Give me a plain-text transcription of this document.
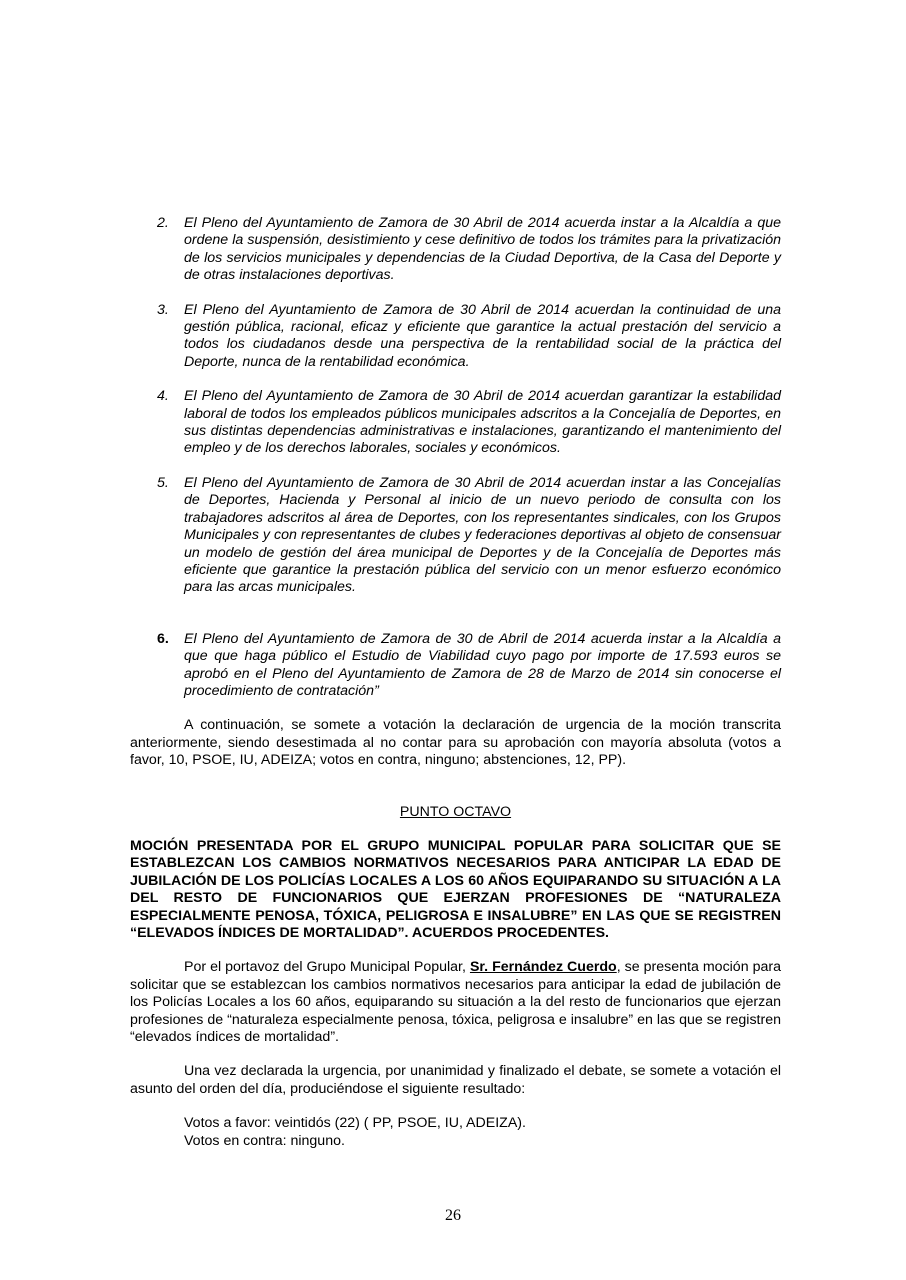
2. El Pleno del Ayuntamiento de Zamora de 30 Abril de 2014 acuerda instar a la Alcaldía a que ordene la suspensión, desistimiento y cese definitivo de todos los trámites para la privatización de los servicios municipales y dependencias de la Ciudad Deportiva, de la Casa del Deporte y de otras instalaciones deportivas.
3. El Pleno del Ayuntamiento de Zamora de 30 Abril de 2014 acuerdan la continuidad de una gestión pública, racional, eficaz y eficiente que garantice la actual prestación del servicio a todos los ciudadanos desde una perspectiva de la rentabilidad social de la práctica del Deporte, nunca de la rentabilidad económica.
4. El Pleno del Ayuntamiento de Zamora de 30 Abril de 2014 acuerdan garantizar la estabilidad laboral de todos los empleados públicos municipales adscritos a la Concejalía de Deportes, en sus distintas dependencias administrativas e instalaciones, garantizando el mantenimiento del empleo y de los derechos laborales, sociales y económicos.
5. El Pleno del Ayuntamiento de Zamora de 30 Abril de 2014 acuerdan instar a las Concejalías de Deportes, Hacienda y Personal al inicio de un nuevo periodo de consulta con los trabajadores adscritos al área de Deportes, con los representantes sindicales, con los Grupos Municipales y con representantes de clubes y federaciones deportivas al objeto de consensuar un modelo de gestión del área municipal de Deportes y de la Concejalía de Deportes más eficiente que garantice la prestación pública del servicio con un menor esfuerzo económico para las arcas municipales.
6. El Pleno del Ayuntamiento de Zamora de 30 de Abril de 2014 acuerda instar a la Alcaldía a que que haga público el Estudio de Viabilidad cuyo pago por importe de 17.593 euros se aprobó en el Pleno del Ayuntamiento de Zamora de 28 de Marzo de 2014 sin conocerse el procedimiento de contratación”

A continuación, se somete a votación la declaración de urgencia de la moción transcrita anteriormente, siendo desestimada al no contar para su aprobación con mayoría absoluta (votos a favor, 10, PSOE, IU, ADEIZA; votos en contra, ninguno; abstenciones, 12, PP).

PUNTO OCTAVO

MOCIÓN PRESENTADA POR EL GRUPO MUNICIPAL POPULAR PARA SOLICITAR QUE SE ESTABLEZCAN LOS CAMBIOS NORMATIVOS NECESARIOS PARA ANTICIPAR LA EDAD DE JUBILACIÓN DE LOS POLICÍAS LOCALES A LOS 60 AÑOS EQUIPARANDO SU SITUACIÓN A LA DEL RESTO DE FUNCIONARIOS QUE EJERZAN PROFESIONES DE “NATURALEZA ESPECIALMENTE PENOSA, TÓXICA, PELIGROSA E INSALUBRE” EN LAS QUE SE REGISTREN “ELEVADOS ÍNDICES DE MORTALIDAD”. ACUERDOS PROCEDENTES.

Por el portavoz del Grupo Municipal Popular, Sr. Fernández Cuerdo, se presenta moción para solicitar que se establezcan los cambios normativos necesarios para anticipar la edad de jubilación de los Policías Locales a los 60 años, equiparando su situación a la del resto de funcionarios que ejerzan profesiones de “naturaleza especialmente penosa, tóxica, peligrosa e insalubre” en las que se registren “elevados índices de mortalidad”.

Una vez declarada la urgencia, por unanimidad y finalizado el debate, se somete a votación el asunto del orden del día, produciéndose el siguiente resultado:

Votos a favor: veintidós (22) ( PP, PSOE, IU, ADEIZA).
Votos en contra: ninguno.
26
